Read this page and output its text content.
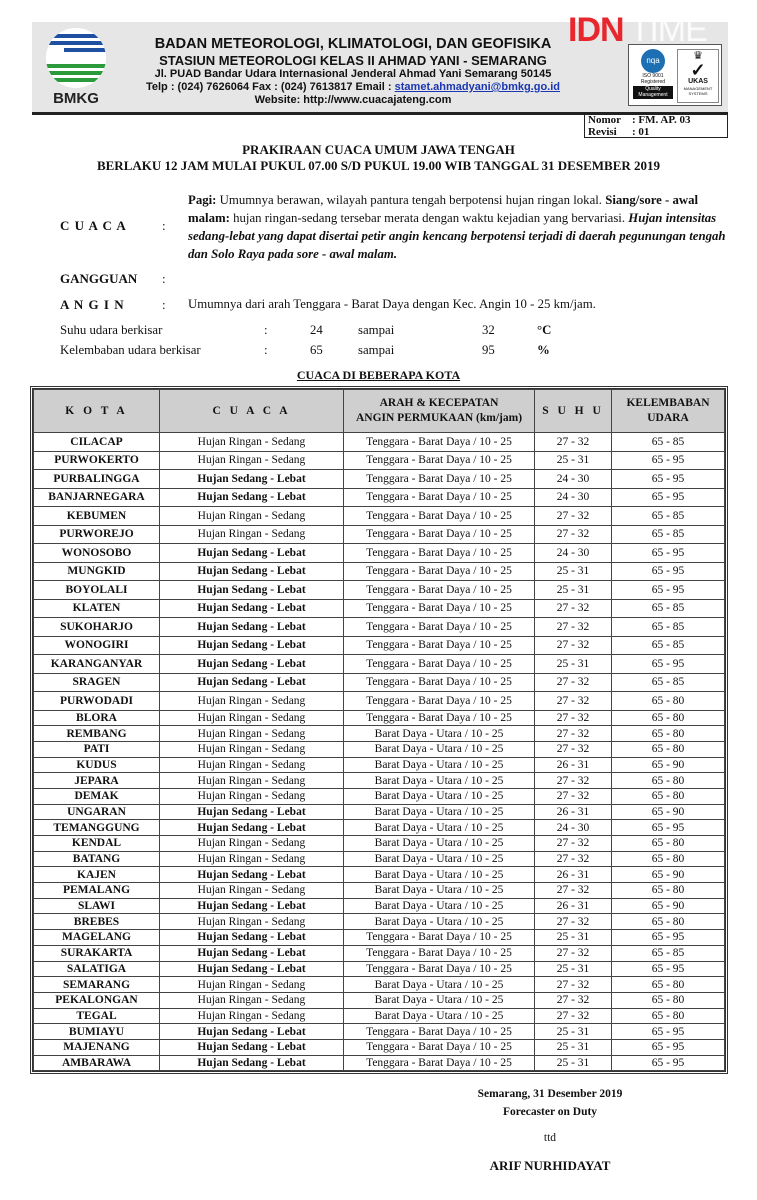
BMKG
BADAN METEOROLOGI, KLIMATOLOGI, DAN GEOFISIKA
STASIUN METEOROLOGI KELAS II AHMAD YANI - SEMARANG
Jl. PUAD Bandar Udara Internasional Jenderal Ahmad Yani Semarang 50145
Telp : (024) 7626064 Fax : (024) 7613817 Email : stamet.ahmadyani@bmkg.go.id
Website: http://www.cuacajateng.com
nqa
ISO 9001 Registered
Quality Management
♛
✓
UKAS
MANAGEMENT SYSTEMS
IDN TIME
Nomor	: FM. AP. 03
Revisi	: 01
PRAKIRAAN CUACA UMUM JAWA TENGAH
BERLAKU 12 JAM MULAI PUKUL 07.00 S/D PUKUL 19.00 WIB TANGGAL 31 DESEMBER 2019
C U A C A	:
Pagi: Umumnya berawan, wilayah pantura tengah berpotensi hujan ringan lokal. Siang/sore - awal malam: hujan ringan-sedang tersebar merata dengan waktu kejadian yang bervariasi. Hujan intensitas sedang-lebat yang dapat disertai petir angin kencang berpotensi terjadi di daerah pegunungan tengah dan Solo Raya pada sore - awal malam.
GANGGUAN :
A N G I N	: Umumnya dari arah Tenggara - Barat Daya dengan Kec. Angin 10 - 25 km/jam.
Suhu udara berkisar	:	24	sampai	32	°C
Kelembaban udara berkisar	:	65	sampai	95	%
CUACA DI BEBERAPA KOTA
K O T A	C U A C A	
ARAH & KECEPATAN
ANGIN PERMUKAAN (km/jam)
	S U H U	
KELEMBABAN
UDARA

CILACAP	Hujan Ringan - Sedang	Tenggara - Barat Daya / 10 - 25	27 - 32	65 - 85
PURWOKERTO	Hujan Ringan - Sedang	Tenggara - Barat Daya / 10 - 25	25 - 31	65 - 95
PURBALINGGA	Hujan Sedang - Lebat	Tenggara - Barat Daya / 10 - 25	24 - 30	65 - 95
BANJARNEGARA	Hujan Sedang - Lebat	Tenggara - Barat Daya / 10 - 25	24 - 30	65 - 95
KEBUMEN	Hujan Ringan - Sedang	Tenggara - Barat Daya / 10 - 25	27 - 32	65 - 85
PURWOREJO	Hujan Ringan - Sedang	Tenggara - Barat Daya / 10 - 25	27 - 32	65 - 85
WONOSOBO	Hujan Sedang - Lebat	Tenggara - Barat Daya / 10 - 25	24 - 30	65 - 95
MUNGKID	Hujan Sedang - Lebat	Tenggara - Barat Daya / 10 - 25	25 - 31	65 - 95
BOYOLALI	Hujan Sedang - Lebat	Tenggara - Barat Daya / 10 - 25	25 - 31	65 - 95
KLATEN	Hujan Sedang - Lebat	Tenggara - Barat Daya / 10 - 25	27 - 32	65 - 85
SUKOHARJO	Hujan Sedang - Lebat	Tenggara - Barat Daya / 10 - 25	27 - 32	65 - 85
WONOGIRI	Hujan Sedang - Lebat	Tenggara - Barat Daya / 10 - 25	27 - 32	65 - 85
KARANGANYAR	Hujan Sedang - Lebat	Tenggara - Barat Daya / 10 - 25	25 - 31	65 - 95
SRAGEN	Hujan Sedang - Lebat	Tenggara - Barat Daya / 10 - 25	27 - 32	65 - 85
PURWODADI	Hujan Ringan - Sedang	Tenggara - Barat Daya / 10 - 25	27 - 32	65 - 80
BLORA	Hujan Ringan - Sedang	Tenggara - Barat Daya / 10 - 25	27 - 32	65 - 80
REMBANG	Hujan Ringan - Sedang	Barat Daya - Utara / 10 - 25	27 - 32	65 - 80
PATI	Hujan Ringan - Sedang	Barat Daya - Utara / 10 - 25	27 - 32	65 - 80
KUDUS	Hujan Ringan - Sedang	Barat Daya - Utara / 10 - 25	26 - 31	65 - 90
JEPARA	Hujan Ringan - Sedang	Barat Daya - Utara / 10 - 25	27 - 32	65 - 80
DEMAK	Hujan Ringan - Sedang	Barat Daya - Utara / 10 - 25	27 - 32	65 - 80
UNGARAN	Hujan Sedang - Lebat	Barat Daya - Utara / 10 - 25	26 - 31	65 - 90
TEMANGGUNG	Hujan Sedang - Lebat	Barat Daya - Utara / 10 - 25	24 - 30	65 - 95
KENDAL	Hujan Ringan - Sedang	Barat Daya - Utara / 10 - 25	27 - 32	65 - 80
BATANG	Hujan Ringan - Sedang	Barat Daya - Utara / 10 - 25	27 - 32	65 - 80
KAJEN	Hujan Sedang - Lebat	Barat Daya - Utara / 10 - 25	26 - 31	65 - 90
PEMALANG	Hujan Ringan - Sedang	Barat Daya - Utara / 10 - 25	27 - 32	65 - 80
SLAWI	Hujan Sedang - Lebat	Barat Daya - Utara / 10 - 25	26 - 31	65 - 90
BREBES	Hujan Ringan - Sedang	Barat Daya - Utara / 10 - 25	27 - 32	65 - 80
MAGELANG	Hujan Sedang - Lebat	Tenggara - Barat Daya / 10 - 25	25 - 31	65 - 95
SURAKARTA	Hujan Sedang - Lebat	Tenggara - Barat Daya / 10 - 25	27 - 32	65 - 85
SALATIGA	Hujan Sedang - Lebat	Tenggara - Barat Daya / 10 - 25	25 - 31	65 - 95
SEMARANG	Hujan Ringan - Sedang	Barat Daya - Utara / 10 - 25	27 - 32	65 - 80
PEKALONGAN	Hujan Ringan - Sedang	Barat Daya - Utara / 10 - 25	27 - 32	65 - 80
TEGAL	Hujan Ringan - Sedang	Barat Daya - Utara / 10 - 25	27 - 32	65 - 80
BUMIAYU	Hujan Sedang - Lebat	Tenggara - Barat Daya / 10 - 25	25 - 31	65 - 95
MAJENANG	Hujan Sedang - Lebat	Tenggara - Barat Daya / 10 - 25	25 - 31	65 - 95
AMBARAWA	Hujan Sedang - Lebat	Tenggara - Barat Daya / 10 - 25	25 - 31	65 - 95
Semarang, 31 Desember 2019
Forecaster on Duty
ttd
ARIF NURHIDAYAT
